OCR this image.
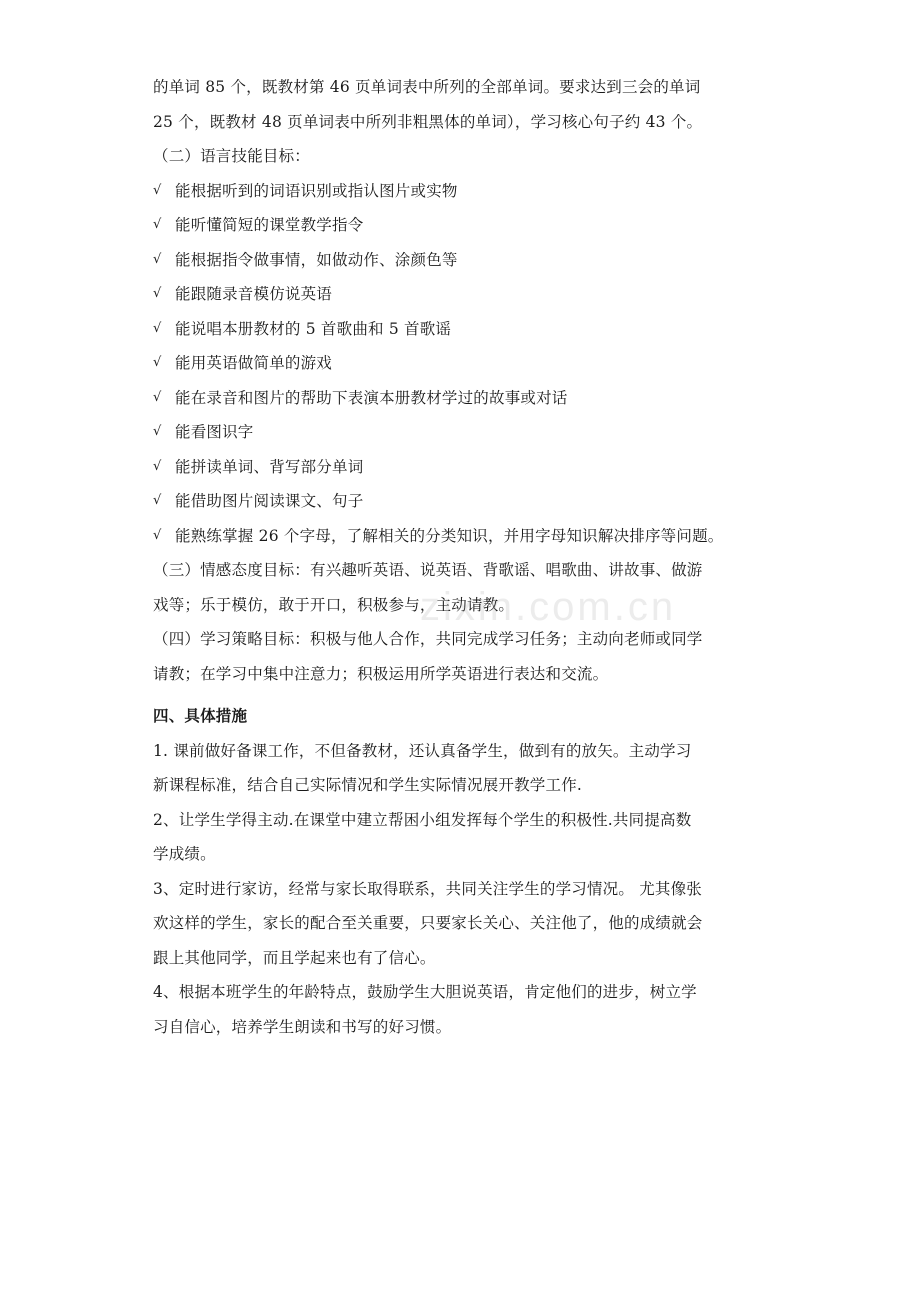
的单词 85 个，既教材第 46 页单词表中所列的全部单词。要求达到三会的单词
25 个，既教材 48 页单词表中所列非粗黑体的单词），学习核心句子约 43 个。
（二）语言技能目标：
√ 能根据听到的词语识别或指认图片或实物
√ 能听懂简短的课堂教学指令
√ 能根据指令做事情，如做动作、涂颜色等
√ 能跟随录音模仿说英语
√ 能说唱本册教材的 5 首歌曲和 5 首歌谣
√ 能用英语做简单的游戏
√ 能在录音和图片的帮助下表演本册教材学过的故事或对话
√ 能看图识字
√ 能拼读单词、背写部分单词
√ 能借助图片阅读课文、句子
√ 能熟练掌握 26 个字母，了解相关的分类知识，并用字母知识解决排序等问题。
（三）情感态度目标：有兴趣听英语、说英语、背歌谣、唱歌曲、讲故事、做游
戏等；乐于模仿，敢于开口，积极参与，主动请教。
（四）学习策略目标：积极与他人合作，共同完成学习任务；主动向老师或同学
请教；在学习中集中注意力；积极运用所学英语进行表达和交流。
四、具体措施
1. 课前做好备课工作，不但备教材，还认真备学生，做到有的放矢。主动学习
新课程标准，结合自己实际情况和学生实际情况展开教学工作.
2、让学生学得主动.在课堂中建立帮困小组发挥每个学生的积极性.共同提高数
学成绩。
3、定时进行家访，经常与家长取得联系，共同关注学生的学习情况。 尤其像张
欢这样的学生，家长的配合至关重要，只要家长关心、关注他了，他的成绩就会
跟上其他同学，而且学起来也有了信心。
4、根据本班学生的年龄特点，鼓励学生大胆说英语，肯定他们的进步，树立学
习自信心，培养学生朗读和书写的好习惯。
zixin.com.cn
